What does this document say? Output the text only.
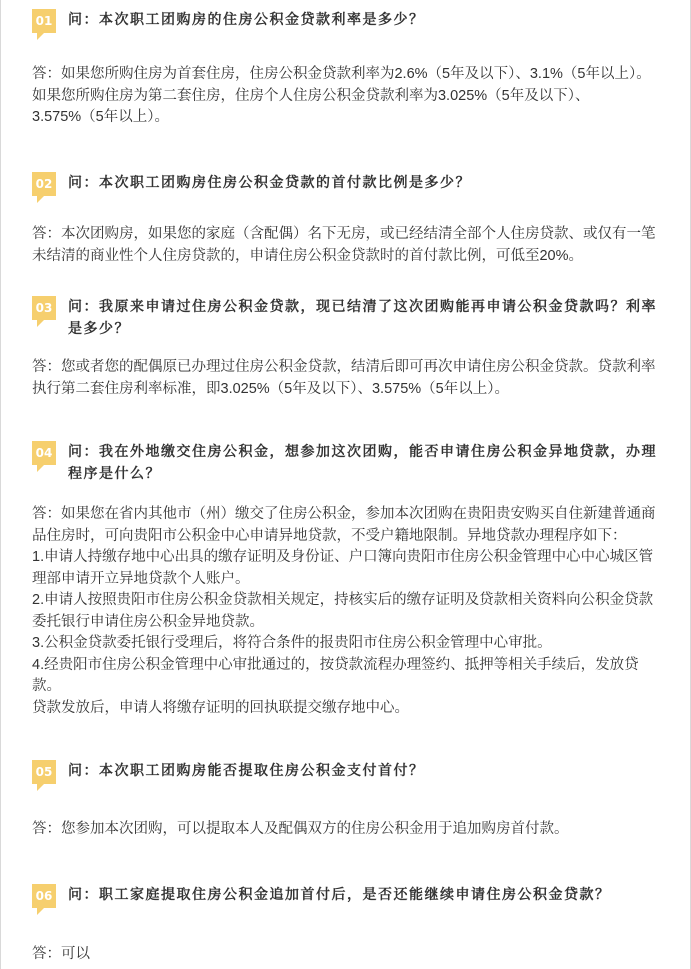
01 问：本次职工团购房的住房公积金贷款利率是多少？

答：如果您所购住房为首套住房，住房公积金贷款利率为2.6%（5年及以下）、3.1%（5年以上）。如果您所购住房为第二套住房，住房个人住房公积金贷款利率为3.025%（5年及以下）、3.575%（5年以上）。

02 问：本次职工团购房住房公积金贷款的首付款比例是多少？

答：本次团购房，如果您的家庭（含配偶）名下无房，或已经结清全部个人住房贷款、或仅有一笔未结清的商业性个人住房贷款的，申请住房公积金贷款时的首付款比例，可低至20%。

03 问：我原来申请过住房公积金贷款，现已结清了这次团购能再申请公积金贷款吗？利率是多少？

答：您或者您的配偶原已办理过住房公积金贷款，结清后即可再次申请住房公积金贷款。贷款利率执行第二套住房利率标准，即3.025%（5年及以下）、3.575%（5年以上）。

04 问：我在外地缴交住房公积金，想参加这次团购，能否申请住房公积金异地贷款，办理程序是什么？

答：如果您在省内其他市（州）缴交了住房公积金，参加本次团购在贵阳贵安购买自住新建普通商品住房时，可向贵阳市公积金中心申请异地贷款，不受户籍地限制。异地贷款办理程序如下：
1.申请人持缴存地中心出具的缴存证明及身份证、户口簿向贵阳市住房公积金管理中心中心城区管理部申请开立异地贷款个人账户。
2.申请人按照贵阳市住房公积金贷款相关规定，持核实后的缴存证明及贷款相关资料向公积金贷款委托银行申请住房公积金异地贷款。
3.公积金贷款委托银行受理后，将符合条件的报贵阳市住房公积金管理中心审批。
4.经贵阳市住房公积金管理中心审批通过的，按贷款流程办理签约、抵押等相关手续后，发放贷款。
贷款发放后，申请人将缴存证明的回执联提交缴存地中心。

05 问：本次职工团购房能否提取住房公积金支付首付？

答：您参加本次团购，可以提取本人及配偶双方的住房公积金用于追加购房首付款。

06 问：职工家庭提取住房公积金追加首付后，是否还能继续申请住房公积金贷款？

答：可以
